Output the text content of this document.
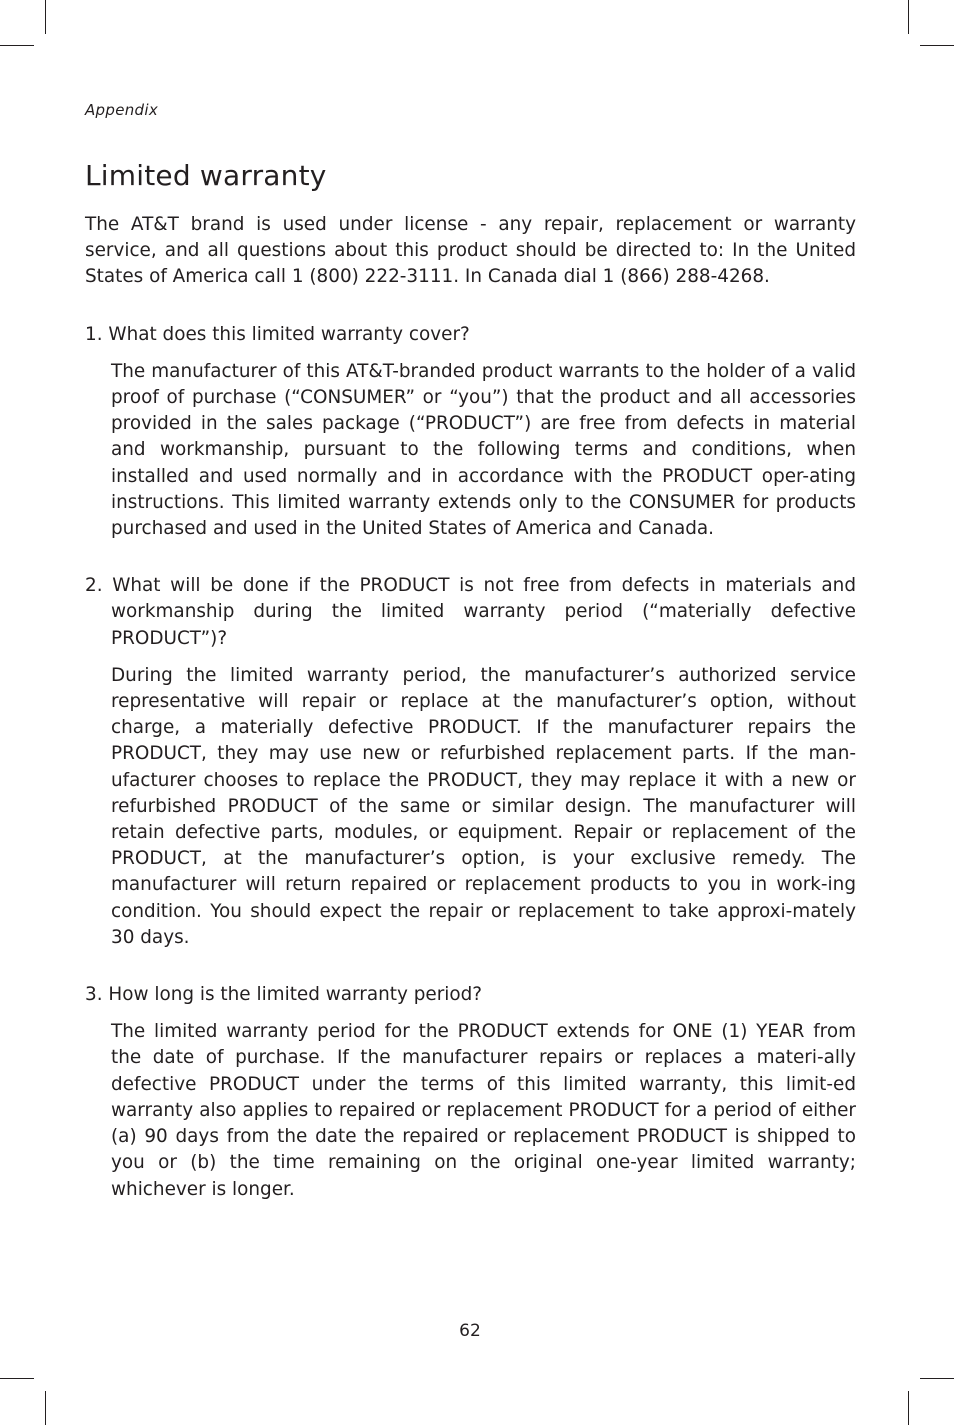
Appendix
Limited warranty

The AT&T brand is used under license - any repair, replacement or warranty service, and all questions about this product should be directed to: In the United States of America call 1 (800) 222-3111. In Canada dial 1 (866) 288-4268.

1. What does this limited warranty cover?

The manufacturer of this AT&T-branded product warrants to the holder of a valid proof of purchase (“CONSUMER” or “you”) that the product and all accessories provided in the sales package (“PRODUCT”) are free from defects in material and workmanship, pursuant to the following terms and conditions, when installed and used normally and in accordance with the PRODUCT oper-ating instructions. This limited warranty extends only to the CONSUMER for products purchased and used in the United States of America and Canada.

2. What will be done if the PRODUCT is not free from defects in materials and workmanship during the limited warranty period (“materially defective PRODUCT”)?

During the limited warranty period, the manufacturer’s authorized service representative will repair or replace at the manufacturer’s option, without charge, a materially defective PRODUCT. If the manufacturer repairs the PRODUCT, they may use new or refurbished replacement parts. If the man-ufacturer chooses to replace the PRODUCT, they may replace it with a new or refurbished PRODUCT of the same or similar design. The manufacturer will retain defective parts, modules, or equipment. Repair or replacement of the PRODUCT, at the manufacturer’s option, is your exclusive remedy. The manufacturer will return repaired or replacement products to you in work-ing condition. You should expect the repair or replacement to take approxi-mately 30 days.

3. How long is the limited warranty period?

The limited warranty period for the PRODUCT extends for ONE (1) YEAR from the date of purchase. If the manufacturer repairs or replaces a materi-ally defective PRODUCT under the terms of this limited warranty, this limit-ed warranty also applies to repaired or replacement PRODUCT for a period of either (a) 90 days from the date the repaired or replacement PRODUCT is shipped to you or (b) the time remaining on the original one-year limited warranty; whichever is longer.

62
